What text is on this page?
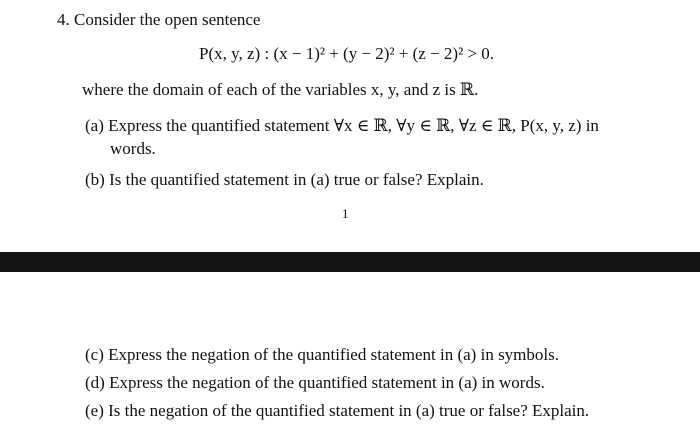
4. Consider the open sentence
P(x, y, z) : (x − 1)² + (y − 2)² + (z − 2)² > 0.
where the domain of each of the variables x, y, and z is ℝ.
(a) Express the quantified statement ∀x ∈ ℝ, ∀y ∈ ℝ, ∀z ∈ ℝ, P(x, y, z) in
words.
(b) Is the quantified statement in (a) true or false? Explain.
1
(c) Express the negation of the quantified statement in (a) in symbols.
(d) Express the negation of the quantified statement in (a) in words.
(e) Is the negation of the quantified statement in (a) true or false? Explain.
